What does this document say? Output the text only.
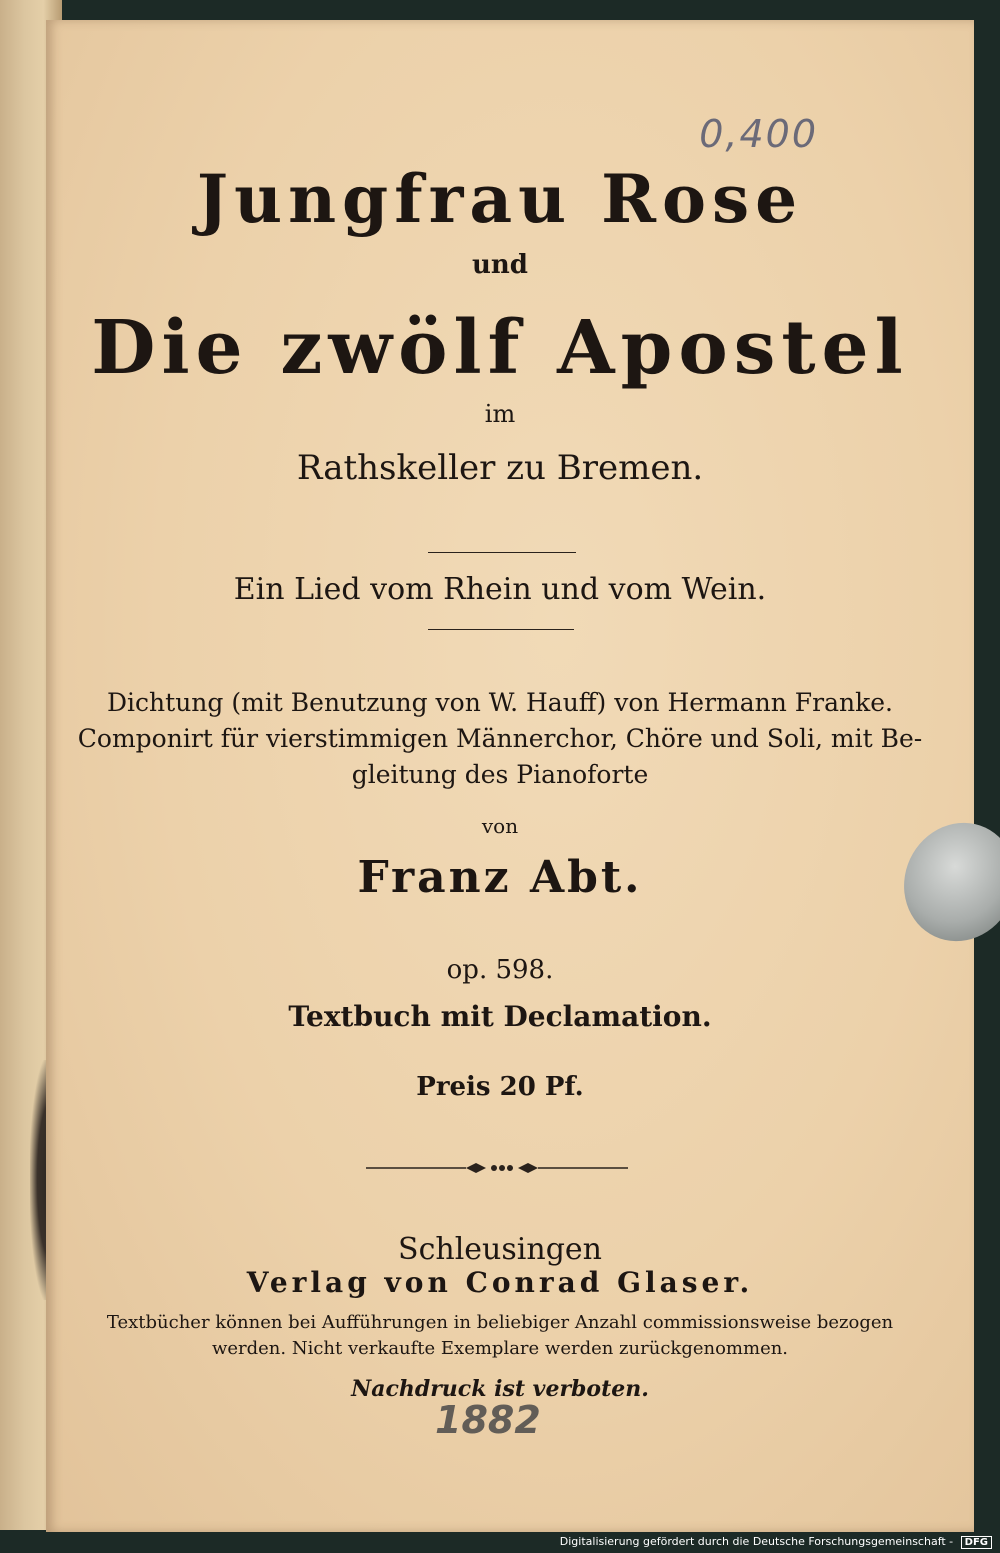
0,400
Jungfrau Rose
und
Die zwölf Apostel
im
Rathskeller zu Bremen.
Ein Lied vom Rhein und vom Wein.
Dichtung (mit Benutzung von W. Hauff) von Hermann Franke.
Componirt für vierstimmigen Männerchor, Chöre und Soli, mit Be-
gleitung des Pianoforte
von
Franz Abt.
op. 598.
Textbuch mit Declamation.
Preis 20 Pf.
Schleusingen
Verlag von Conrad Glaser.
Textbücher können bei Aufführungen in beliebiger Anzahl commissionsweise bezogen
werden. Nicht verkaufte Exemplare werden zurückgenommen.
Nachdruck ist verboten.
1882
Digitalisierung gefördert durch die Deutsche Forschungsgemeinschaft - DFG
